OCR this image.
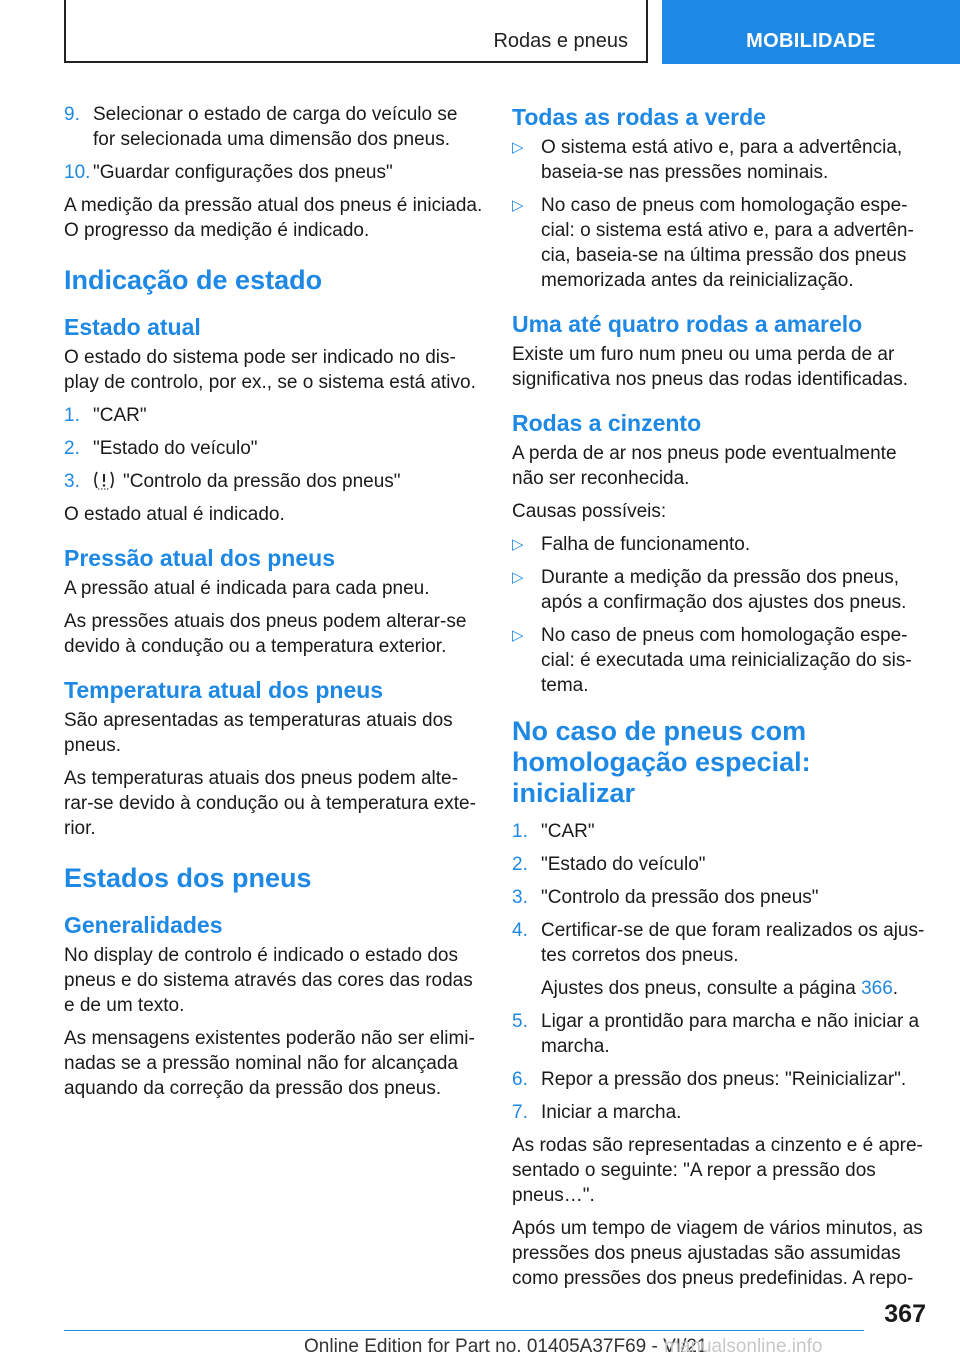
Rodas e pneus	MOBILIDADE
9. Selecionar o estado de carga do veículo se for selecionada uma dimensão dos pneus.
10. "Guardar configurações dos pneus"

A medição da pressão atual dos pneus é iniciada. O progresso da medição é indicado.

Indicação de estado
Estado atual

O estado do sistema pode ser indicado no dis-play de controlo, por ex., se o sistema está ativo.

1. "CAR"
2. "Estado do veículo"
3.	"Controlo da pressão dos pneus"

O estado atual é indicado.

Pressão atual dos pneus

A pressão atual é indicada para cada pneu.

As pressões atuais dos pneus podem alterar-se devido à condução ou a temperatura exterior.

Temperatura atual dos pneus

São apresentadas as temperaturas atuais dos pneus.

As temperaturas atuais dos pneus podem alte-rar-se devido à condução ou à temperatura exte-rior.

Estados dos pneus
Generalidades

No display de controlo é indicado o estado dos pneus e do sistema através das cores das rodas e de um texto.

As mensagens existentes poderão não ser elimi-nadas se a pressão nominal não for alcançada aquando da correção da pressão dos pneus.

Todas as rodas a verde
▷ O sistema está ativo e, para a advertência, baseia-se nas pressões nominais.
▷ No caso de pneus com homologação espe-cial: o sistema está ativo e, para a advertên-cia, baseia-se na última pressão dos pneus memorizada antes da reinicialização.
Uma até quatro rodas a amarelo

Existe um furo num pneu ou uma perda de ar significativa nos pneus das rodas identificadas.

Rodas a cinzento

A perda de ar nos pneus pode eventualmente não ser reconhecida.

Causas possíveis:

▷ Falha de funcionamento.
▷ Durante a medição da pressão dos pneus, após a confirmação dos ajustes dos pneus.
▷ No caso de pneus com homologação espe-cial: é executada uma reinicialização do sis-tema.
No caso de pneus com homologação especial: inicializar
1. "CAR"
2. "Estado do veículo"
3. "Controlo da pressão dos pneus"
4. Certificar-se de que foram realizados os ajus-tes corretos dos pneus.

Ajustes dos pneus, consulte a página 366.

5. Ligar a prontidão para marcha e não iniciar a marcha.
6. Repor a pressão dos pneus: "Reinicializar".
7. Iniciar a marcha.

As rodas são representadas a cinzento e é apre-sentado o seguinte: "A repor a pressão dos pneus…".

Após um tempo de viagem de vários minutos, as pressões dos pneus ajustadas são assumidas como pressões dos pneus predefinidas. A repo-

367
Online Edition for Part no. 01405A37F69 - VI/21
manualsonline.info
